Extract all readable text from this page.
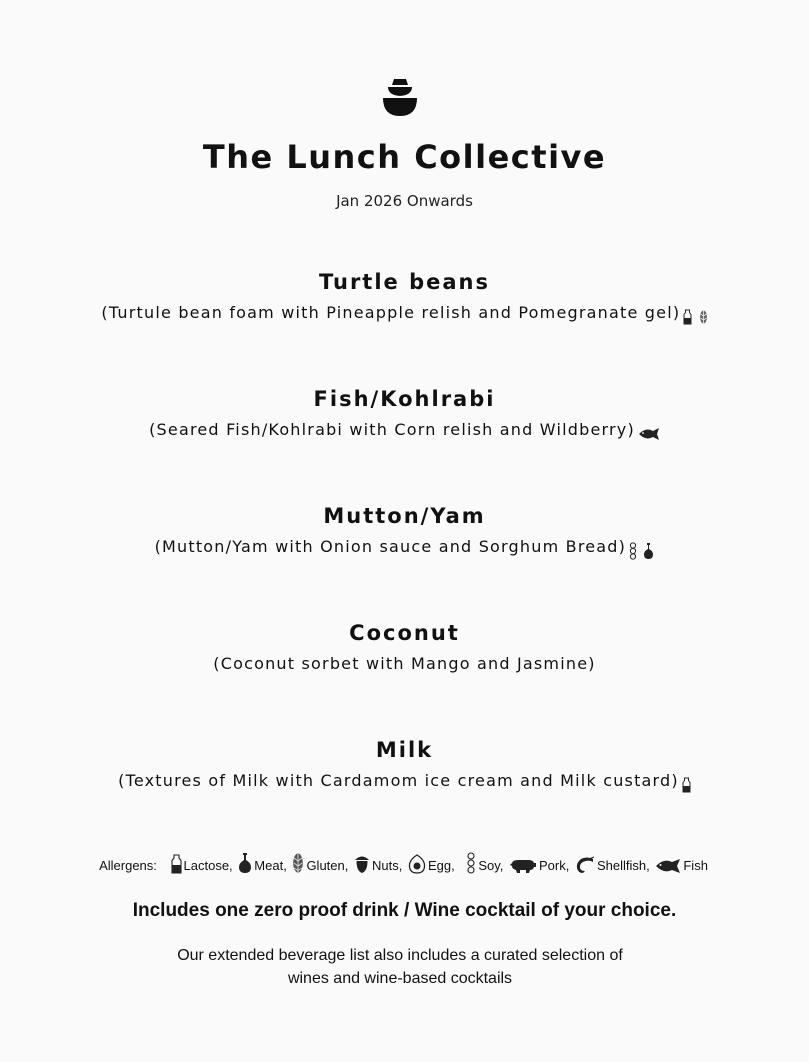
The Lunch Collective
Jan 2026 Onwards
Turtle beans
(Turtule bean foam with Pineapple relish and Pomegranate gel)
Fish/Kohlrabi
(Seared Fish/Kohlrabi with Corn relish and Wildberry)
Mutton/Yam
(Mutton/Yam with Onion sauce and Sorghum Bread)
Coconut
(Coconut sorbet with Mango and Jasmine)
Milk
(Textures of Milk with Cardamom ice cream and Milk custard)
Allergens: Lactose, Meat, Gluten, Nuts, Egg, Soy,	Pork, Shellfish,	Fish
Includes one zero proof drink / Wine cocktail of your choice.
Our extended beverage list also includes a curated selection of
wines and wine-based cocktails
